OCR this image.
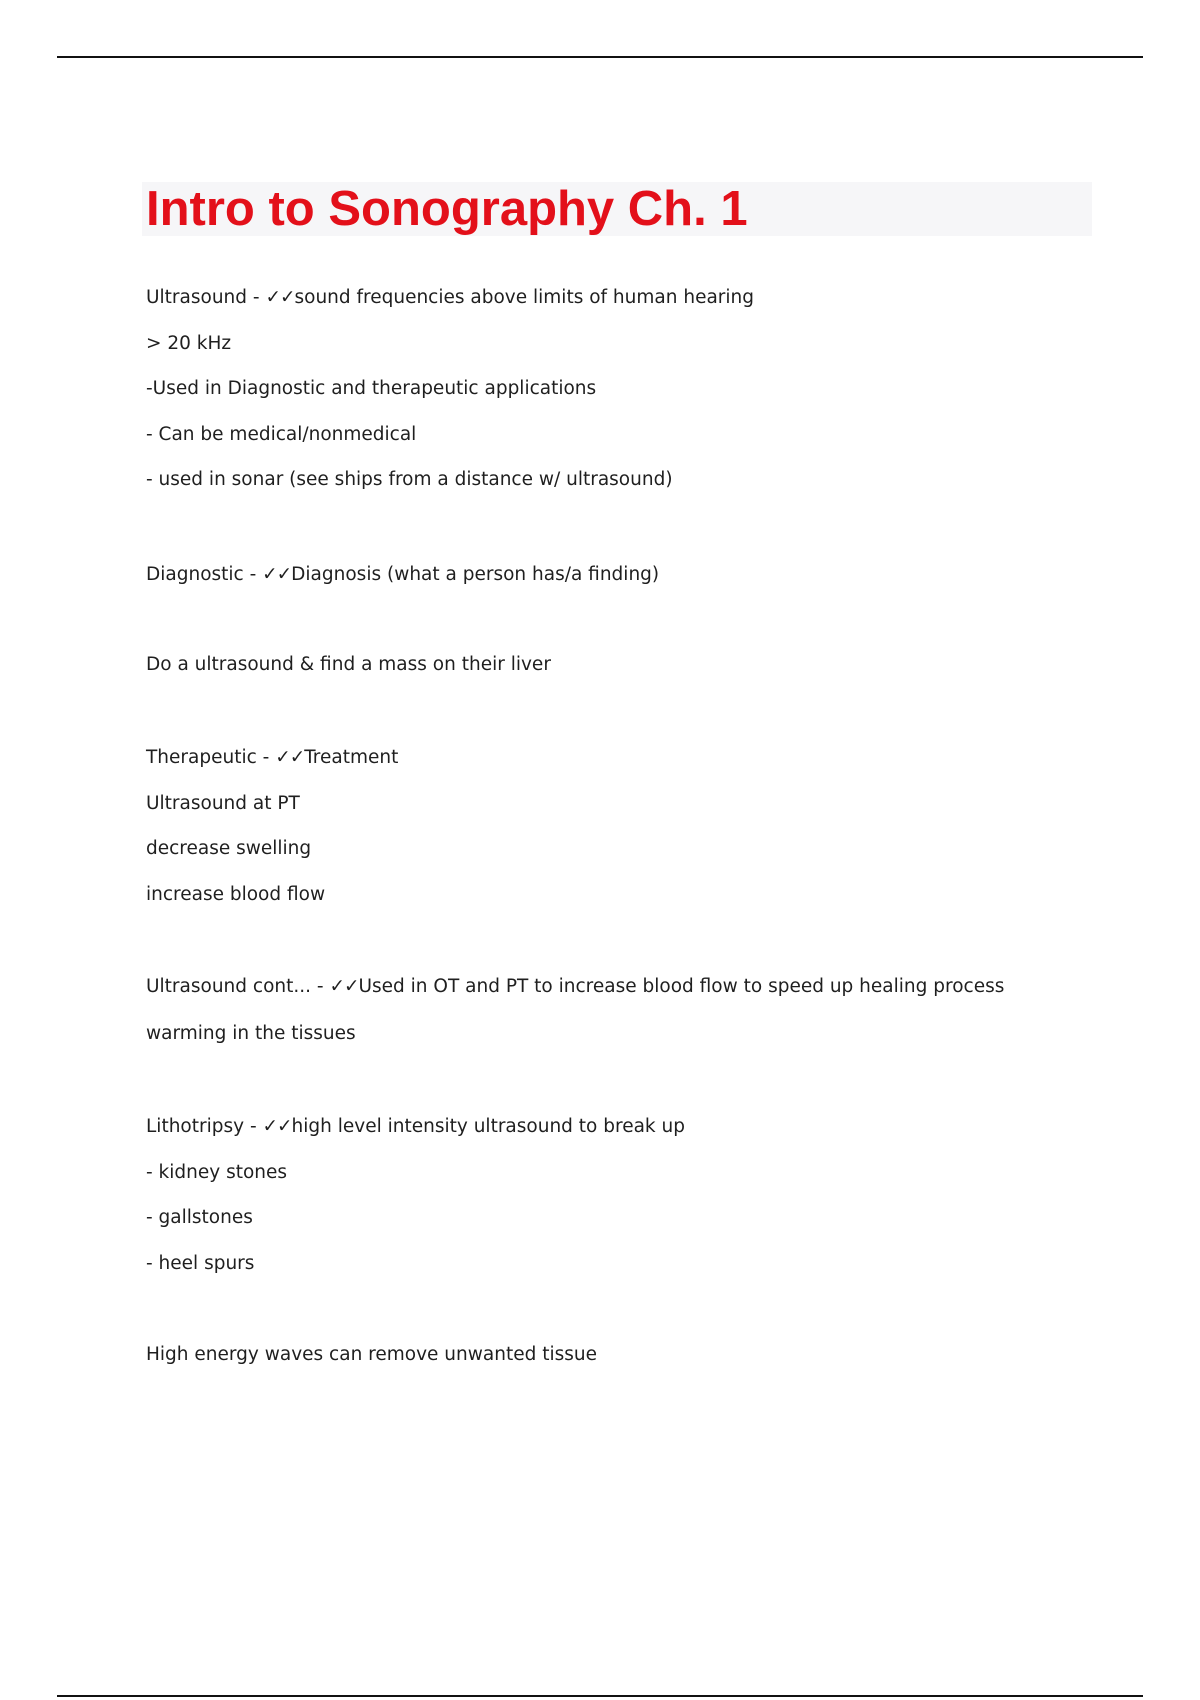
Intro to Sonography Ch. 1

Ultrasound - ✓✓sound frequencies above limits of human hearing

> 20 kHz

-Used in Diagnostic and therapeutic applications

- Can be medical/nonmedical

- used in sonar (see ships from a distance w/ ultrasound)

Diagnostic - ✓✓Diagnosis (what a person has/a finding)

Do a ultrasound & find a mass on their liver

Therapeutic - ✓✓Treatment

Ultrasound at PT

decrease swelling

increase blood flow

Ultrasound cont... - ✓✓Used in OT and PT to increase blood flow to speed up healing process

warming in the tissues

Lithotripsy - ✓✓high level intensity ultrasound to break up

- kidney stones

- gallstones

- heel spurs

High energy waves can remove unwanted tissue
